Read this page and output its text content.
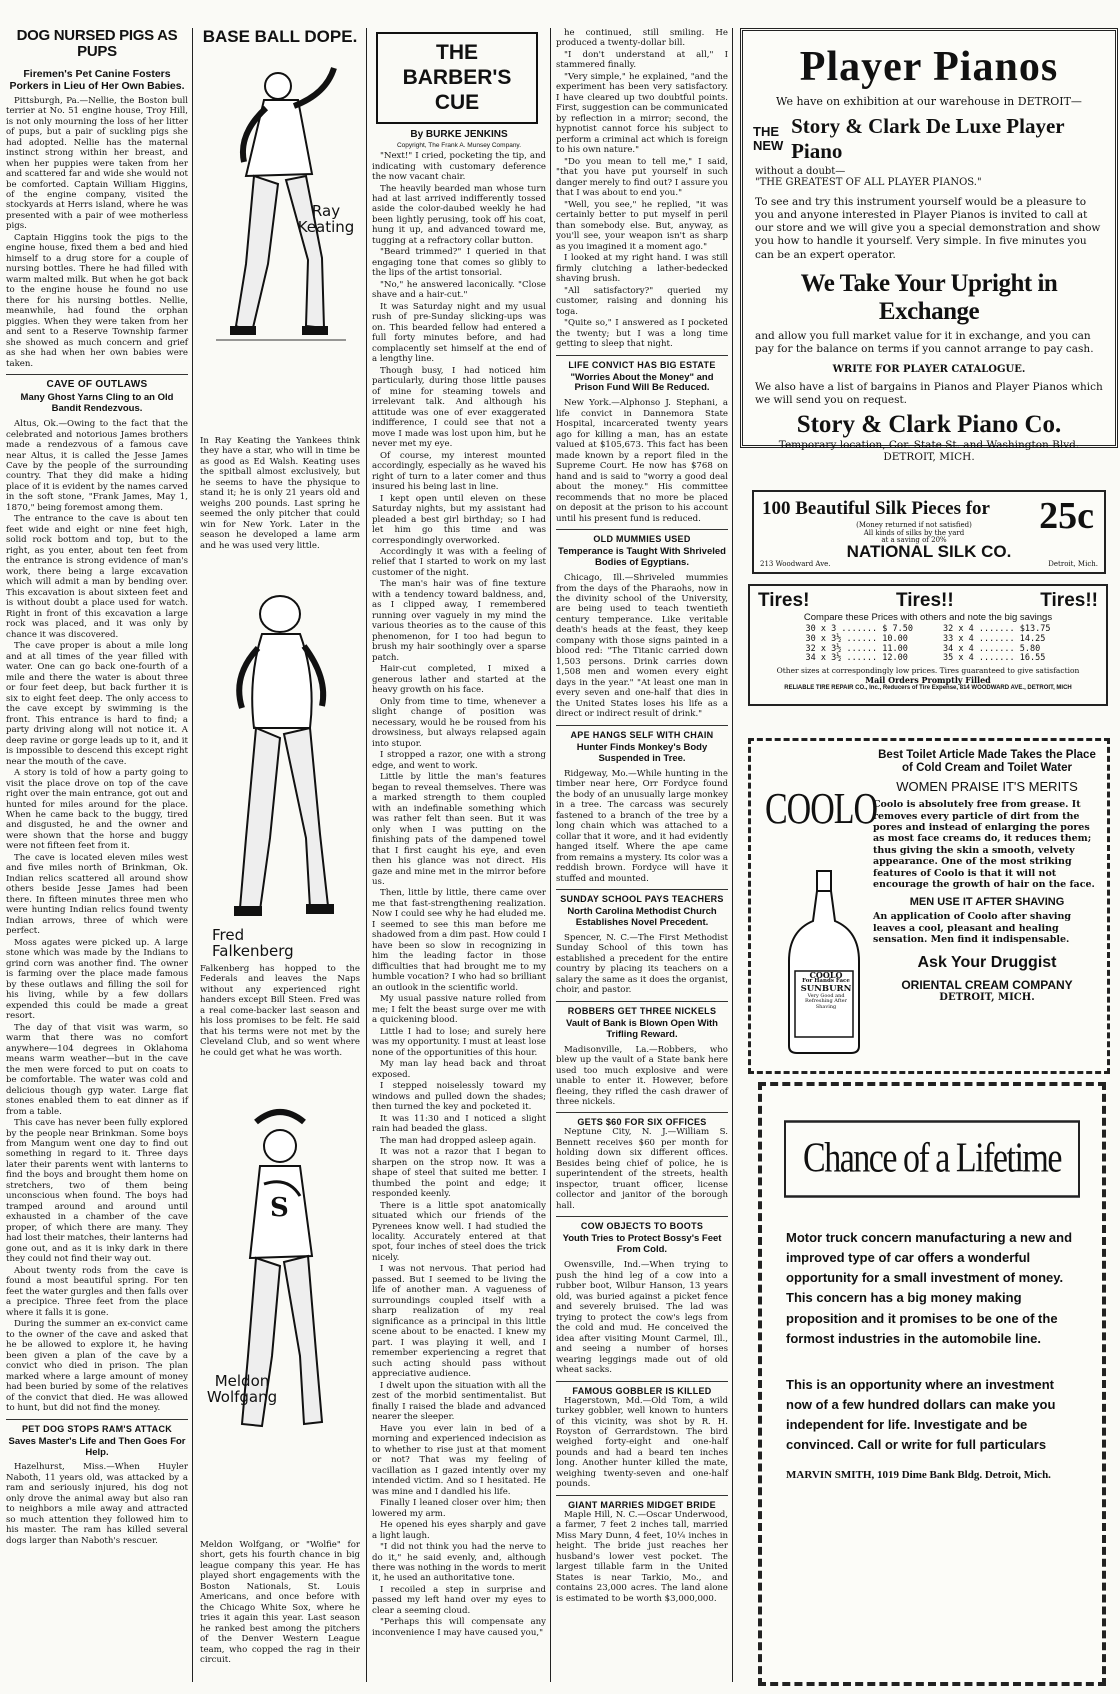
DOG NURSED PIGS AS PUPS
Firemen's Pet Canine Fosters Porkers in Lieu of Her Own Babies.

Pittsburgh, Pa.—Nellie, the Boston bull terrier at No. 51 engine house, Troy Hill, is not only mourning the loss of her litter of pups, but a pair of suckling pigs she had adopted. Nellie has the maternal instinct strong within her breast, and when her puppies were taken from her and scattered far and wide she would not be comforted. Captain William Higgins, of the engine company, visited the stockyards at Herrs island, where he was presented with a pair of wee motherless pigs.

Captain Higgins took the pigs to the engine house, fixed them a bed and hied himself to a drug store for a couple of nursing bottles. There he had filled with warm malted milk. But when he got back to the engine house he found no use there for his nursing bottles. Nellie, meanwhile, had found the orphan piggies. When they were taken from her and sent to a Reserve Township farmer she showed as much concern and grief as she had when her own babies were taken.

CAVE OF OUTLAWS
Many Ghost Yarns Cling to an Old Bandit Rendezvous.

Altus, Ok.—Owing to the fact that the celebrated and notorious James brothers made a rendezvous of a famous cave near Altus, it is called the Jesse James Cave by the people of the surrounding country. That they did make a hiding place of it is evident by the names carved in the soft stone, "Frank James, May 1, 1870," being foremost among them.

The entrance to the cave is about ten feet wide and eight or nine feet high, solid rock bottom and top, but to the right, as you enter, about ten feet from the entrance is strong evidence of man's work, there being a large excavation which will admit a man by bending over. This excavation is about sixteen feet and is without doubt a place used for watch. Right in front of this excavation a large rock was placed, and it was only by chance it was discovered.

The cave proper is about a mile long and at all times of the year filled with water. One can go back one-fourth of a mile and there the water is about three or four feet deep, but back further it is six to eight feet deep. The only access to the cave except by swimming is the front. This entrance is hard to find; a party driving along will not notice it. A deep ravine or gorge leads up to it, and it is impossible to descend this except right near the mouth of the cave.

A story is told of how a party going to visit the place drove on top of the cave right over the main entrance, got out and hunted for miles around for the place. When he came back to the buggy, tired and disgusted, he and the owner and were shown that the horse and buggy were not fifteen feet from it.

The cave is located eleven miles west and five miles north of Brinkman, Ok. Indian relics scattered all around show others beside Jesse James had been there. In fifteen minutes three men who were hunting Indian relics found twenty Indian arrows, three of which were perfect.

Moss agates were picked up. A large stone which was made by the Indians to grind corn was another find. The owner is farming over the place made famous by these outlaws and filling the soil for his living, while by a few dollars expended this could be made a great resort.

The day of that visit was warm, so warm that there was no comfort anywhere—104 degrees in Oklahoma means warm weather—but in the cave the men were forced to put on coats to be comfortable. The water was cold and delicious though gyp water. Large flat stones enabled them to eat dinner as if from a table.

This cave has never been fully explored by the people near Brinkman. Some boys from Mangum went one day to find out something in regard to it. Three days later their parents went with lanterns to find the boys and brought them home on stretchers, two of them being unconscious when found. The boys had tramped around and around until exhausted in a chamber of the cave proper, of which there are many. They had lost their matches, their lanterns had gone out, and as it is inky dark in there they could not find their way out.

About twenty rods from the cave is found a most beautiful spring. For ten feet the water gurgles and then falls over a precipice. Three feet from the place where it falls it is gone.

During the summer an ex-convict came to the owner of the cave and asked that he be allowed to explore it, he having been given a plan of the cave by a convict who died in prison. The plan marked where a large amount of money had been buried by some of the relatives of the convict that died. He was allowed to hunt, but did not find the money.

PET DOG STOPS RAM'S ATTACK
Saves Master's Life and Then Goes For Help.

Hazelhurst, Miss.—When Huyler Naboth, 11 years old, was attacked by a ram and seriously injured, his dog not only drove the animal away but also ran to neighbors a mile away and attracted so much attention they followed him to his master. The ram has killed several dogs larger than Naboth's rescuer.

BASE BALL DOPE.
Ray Keating
In Ray Keating the Yankees think they have a star, who will in time be as good as Ed Walsh. Keating uses the spitball almost exclusively, but he seems to have the physique to stand it; he is only 21 years old and weighs 200 pounds. Last spring he seemed the only pitcher that could win for New York. Later in the season he developed a lame arm and he was used very little.
Fred Falkenberg
Falkenberg has hopped to the Federals and leaves the Naps without any experienced right handers except Bill Steen. Fred was a real come-backer last season and his loss promises to be felt. He said that his terms were not met by the Cleveland Club, and so went where he could get what he was worth.
S
Meldon Wolfgang
Meldon Wolfgang, or "Wolfie" for short, gets his fourth chance in big league company this year. He has played short engagements with the Boston Nationals, St. Louis Americans, and once before with the Chicago White Sox, where he tries it again this year. Last season he ranked best among the pitchers of the Denver Western League team, who copped the rag in their circuit.
THE BARBER'S CUE
By BURKE JENKINS
Copyright, The Frank A. Munsey Company.

"Next!" I cried, pocketing the tip, and indicating with customary deference the now vacant chair.

The heavily bearded man whose turn had at last arrived indifferently tossed aside the color-daubed weekly he had been lightly perusing, took off his coat, hung it up, and advanced toward me, tugging at a refractory collar button.

"Beard trimmed?" I queried in that engaging tone that comes so glibly to the lips of the artist tonsorial.

"No," he answered laconically. "Close shave and a hair-cut."

It was Saturday night and my usual rush of pre-Sunday slicking-ups was on. This bearded fellow had entered a full forty minutes before, and had complacently set himself at the end of a lengthy line.

Though busy, I had noticed him particularly, during those little pauses of mine for steaming towels and irrelevant talk. And although his attitude was one of ever exaggerated indifference, I could see that not a move I made was lost upon him, but he never met my eye.

Of course, my interest mounted accordingly, especially as he waved his right of turn to a later comer and thus insured his being last in line.

I kept open until eleven on these Saturday nights, but my assistant had pleaded a best girl birthday; so I had let him go this time and was correspondingly overworked.

Accordingly it was with a feeling of relief that I started to work on my last customer of the night.

The man's hair was of fine texture with a tendency toward baldness, and, as I clipped away, I remembered running over vaguely in my mind the various theories as to the cause of this phenomenon, for I too had begun to brush my hair soothingly over a sparse patch.

Hair-cut completed, I mixed a generous lather and started at the heavy growth on his face.

Only from time to time, whenever a slight change of position was necessary, would he be roused from his drowsiness, but always relapsed again into stupor.

I stropped a razor, one with a strong edge, and went to work.

Little by little the man's features began to reveal themselves. There was a marked strength to them coupled with an indefinable something which was rather felt than seen. But it was only when I was putting on the finishing pats of the dampened towel that I first caught his eye, and even then his glance was not direct. His gaze and mine met in the mirror before us.

Then, little by little, there came over me that fast-strengthening realization. Now I could see why he had eluded me. I seemed to see this man before me shadowed from a dim past. How could I have been so slow in recognizing in him the leading factor in those difficulties that had brought me to my humble vocation? I who had so brilliant an outlook in the scientific world.

My usual passive nature rolled from me; I felt the beast surge over me with a quickening blood.

Little I had to lose; and surely here was my opportunity. I must at least lose none of the opportunities of this hour.

My man lay head back and throat exposed.

I stepped noiselessly toward my windows and pulled down the shades; then turned the key and pocketed it.

It was 11:30 and I noticed a slight rain had beaded the glass.

The man had dropped asleep again.

It was not a razor that I began to sharpen on the strop now. It was a shape of steel that suited me better. I thumbed the point and edge; it responded keenly.

There is a little spot anatomically situated which our friends of the Pyrenees know well. I had studied the locality. Accurately entered at that spot, four inches of steel does the trick nicely.

I was not nervous. That period had passed. But I seemed to be living the life of another man. A vagueness of surroundings coupled itself with a sharp realization of my real significance as a principal in this little scene about to be enacted. I knew my part. I was playing it well, and I remember experiencing a regret that such acting should pass without appreciative audience.

I dwelt upon the situation with all the zest of the morbid sentimentalist. But finally I raised the blade and advanced nearer the sleeper.

Have you ever lain in bed of a morning and experienced indecision as to whether to rise just at that moment or not? That was my feeling of vacillation as I gazed intently over my intended victim. And so I hesitated. He was mine and I dandled his life.

Finally I leaned closer over him; then lowered my arm.

He opened his eyes sharply and gave a light laugh.

"I did not think you had the nerve to do it," he said evenly, and, although there was nothing in the words to merit it, he used an authoritative tone.

I recoiled a step in surprise and passed my left hand over my eyes to clear a seeming cloud.

"Perhaps this will compensate any inconvenience I may have caused you,"

he continued, still smiling. He produced a twenty-dollar bill.

"I don't understand at all," I stammered finally.

"Very simple," he explained, "and the experiment has been very satisfactory. I have cleared up two doubtful points. First, suggestion can be communicated by reflection in a mirror; second, the hypnotist cannot force his subject to perform a criminal act which is foreign to his own nature."

"Do you mean to tell me," I said, "that you have put yourself in such danger merely to find out? I assure you that I was about to end you."

"Well, you see," he replied, "it was certainly better to put myself in peril than somebody else. But, anyway, as you'll see, your weapon isn't as sharp as you imagined it a moment ago."

I looked at my right hand. I was still firmly clutching a lather-bedecked shaving brush.

"All satisfactory?" queried my customer, raising and donning his toga.

"Quite so," I answered as I pocketed the twenty; but I was a long time getting to sleep that night.

LIFE CONVICT HAS BIG ESTATE
"Worries About the Money" and Prison Fund Will Be Reduced.

New York.—Alphonso J. Stephani, a life convict in Dannemora State Hospital, incarcerated twenty years ago for killing a man, has an estate valued at $105,673. This fact has been made known by a report filed in the Supreme Court. He now has $768 on hand and is said to "worry a good deal about the money." His committee recommends that no more be placed on deposit at the prison to his account until his present fund is reduced.

OLD MUMMIES USED
Temperance is Taught With Shriveled Bodies of Egyptians.

Chicago, Ill.—Shriveled mummies from the days of the Pharaohs, now in the divinity school of the University, are being used to teach twentieth century temperance. Like veritable death's heads at the feast, they keep company with those signs painted in a blood red: "The Titanic carried down 1,503 persons. Drink carries down 1,508 men and women every eight days in the year." "At least one man in every seven and one-half that dies in the United States loses his life as a direct or indirect result of drink."

APE HANGS SELF WITH CHAIN
Hunter Finds Monkey's Body Suspended in Tree.

Ridgeway, Mo.—While hunting in the timber near here, Orr Fordyce found the body of an unusually large monkey in a tree. The carcass was securely fastened to a branch of the tree by a long chain which was attached to a collar that it wore, and it had evidently hanged itself. Where the ape came from remains a mystery. Its color was a reddish brown. Fordyce will have it stuffed and mounted.

SUNDAY SCHOOL PAYS TEACHERS
North Carolina Methodist Church Establishes Novel Precedent.

Spencer, N. C.—The First Methodist Sunday School of this town has established a precedent for the entire country by placing its teachers on a salary the same as it does the organist, choir, and pastor.

ROBBERS GET THREE NICKELS
Vault of Bank is Blown Open With Trifling Reward.

Madisonville, La.—Robbers, who blew up the vault of a State bank here used too much explosive and were unable to enter it. However, before fleeing, they rifled the cash drawer of three nickels.

GETS $60 FOR SIX OFFICES

Neptune City, N. J.—William S. Bennett receives $60 per month for holding down six different offices. Besides being chief of police, he is superintendent of the streets, health inspector, truant officer, license collector and janitor of the borough hall.

COW OBJECTS TO BOOTS
Youth Tries to Protect Bossy's Feet From Cold.

Owensville, Ind.—When trying to push the hind leg of a cow into a rubber boot, Wilbur Hanson, 13 years old, was buried against a picket fence and severely bruised. The lad was trying to protect the cow's legs from the cold and mud. He conceived the idea after visiting Mount Carmel, Ill., and seeing a number of horses wearing leggings made out of old wheat sacks.

FAMOUS GOBBLER IS KILLED

Hagerstown, Md.—Old Tom, a wild turkey gobbler, well known to hunters of this vicinity, was shot by R. H. Royston of Gerrardstown. The bird weighed forty-eight and one-half pounds and had a beard ten inches long. Another hunter killed the mate, weighing twenty-seven and one-half pounds.

GIANT MARRIES MIDGET BRIDE

Maple Hill, N. C.—Oscar Underwood, a farmer, 7 feet 2 inches tall, married Miss Mary Dunn, 4 feet, 10¼ inches in height. The bride just reaches her husband's lower vest pocket. The largest tillable farm in the United States is near Tarkio, Mo., and contains 23,000 acres. The land alone is estimated to be worth $3,000,000.

Player Pianos
We have on exhibition at our warehouse in DETROIT—
THE NEW
Story & Clark De Luxe Player Piano
without a doubt—
"THE GREATEST OF ALL PLAYER PIANOS."
To see and try this instrument yourself would be a pleasure to you and anyone interested in Player Pianos is invited to call at our store and we will give you a special demonstration and show you how to handle it yourself. Very simple. In five minutes you can be an expert operator.
We Take Your Upright in Exchange
and allow you full market value for it in exchange, and you can pay for the balance on terms if you cannot arrange to pay cash.
WRITE FOR PLAYER CATALOGUE.
We also have a list of bargains in Pianos and Player Pianos which we will send you on request.
Story & Clark Piano Co.
Temporary location, Cor. State St. and Washington Blvd.
DETROIT, MICH.
100 Beautiful Silk Pieces for 25c
(Money returned if not satisfied)
All kinds of silks by the yard
at a saving of 20%
NATIONAL SILK CO.
213 Woodward Ave.	Detroit, Mich.
Tires!	Tires!!	Tires!!
Compare these Prices with others and note the big savings
30 x 3 ....... $ 7.50
30 x 3½ ...... 10.00
32 x 3½ ...... 11.00
34 x 3½ ...... 12.00
32 x 4 ....... $13.75
33 x 4 ....... 14.25
34 x 4 ....... 5.80
35 x 4 ....... 16.55
Other sizes at correspondingly low prices. Tires guaranteed to give satisfaction
Mail Orders Promptly Filled
RELIABLE TIRE REPAIR CO., Inc., Reducers of Tire Expense, 814 WOODWARD AVE., DETROIT, MICH
COOLO
COOLO
For Hands Face
SUNBURN
Very Good and Refreshing After Shaving
Best Toilet Article Made Takes the Place of Cold Cream and Toilet Water
WOMEN PRAISE IT'S MERITS
Coolo is absolutely free from grease. It removes every particle of dirt from the pores and instead of enlarging the pores as most face creams do, it reduces them; thus giving the skin a smooth, velvety appearance. One of the most striking features of Coolo is that it will not encourage the growth of hair on the face.
MEN USE IT AFTER SHAVING
An application of Coolo after shaving leaves a cool, pleasant and healing sensation. Men find it indispensable.
Ask Your Druggist
ORIENTAL CREAM COMPANY
DETROIT, MICH.
Chance of a Lifetime
Motor truck concern manufacturing a new and improved type of car offers a wonderful opportunity for a small investment of money. This concern has a big money making proposition and it promises to be one of the formost industries in the automobile line.
This is an opportunity where an investment now of a few hundred dollars can make you independent for life. Investigate and be convinced. Call or write for full particulars
MARVIN SMITH, 1019 Dime Bank Bldg. Detroit, Mich.
